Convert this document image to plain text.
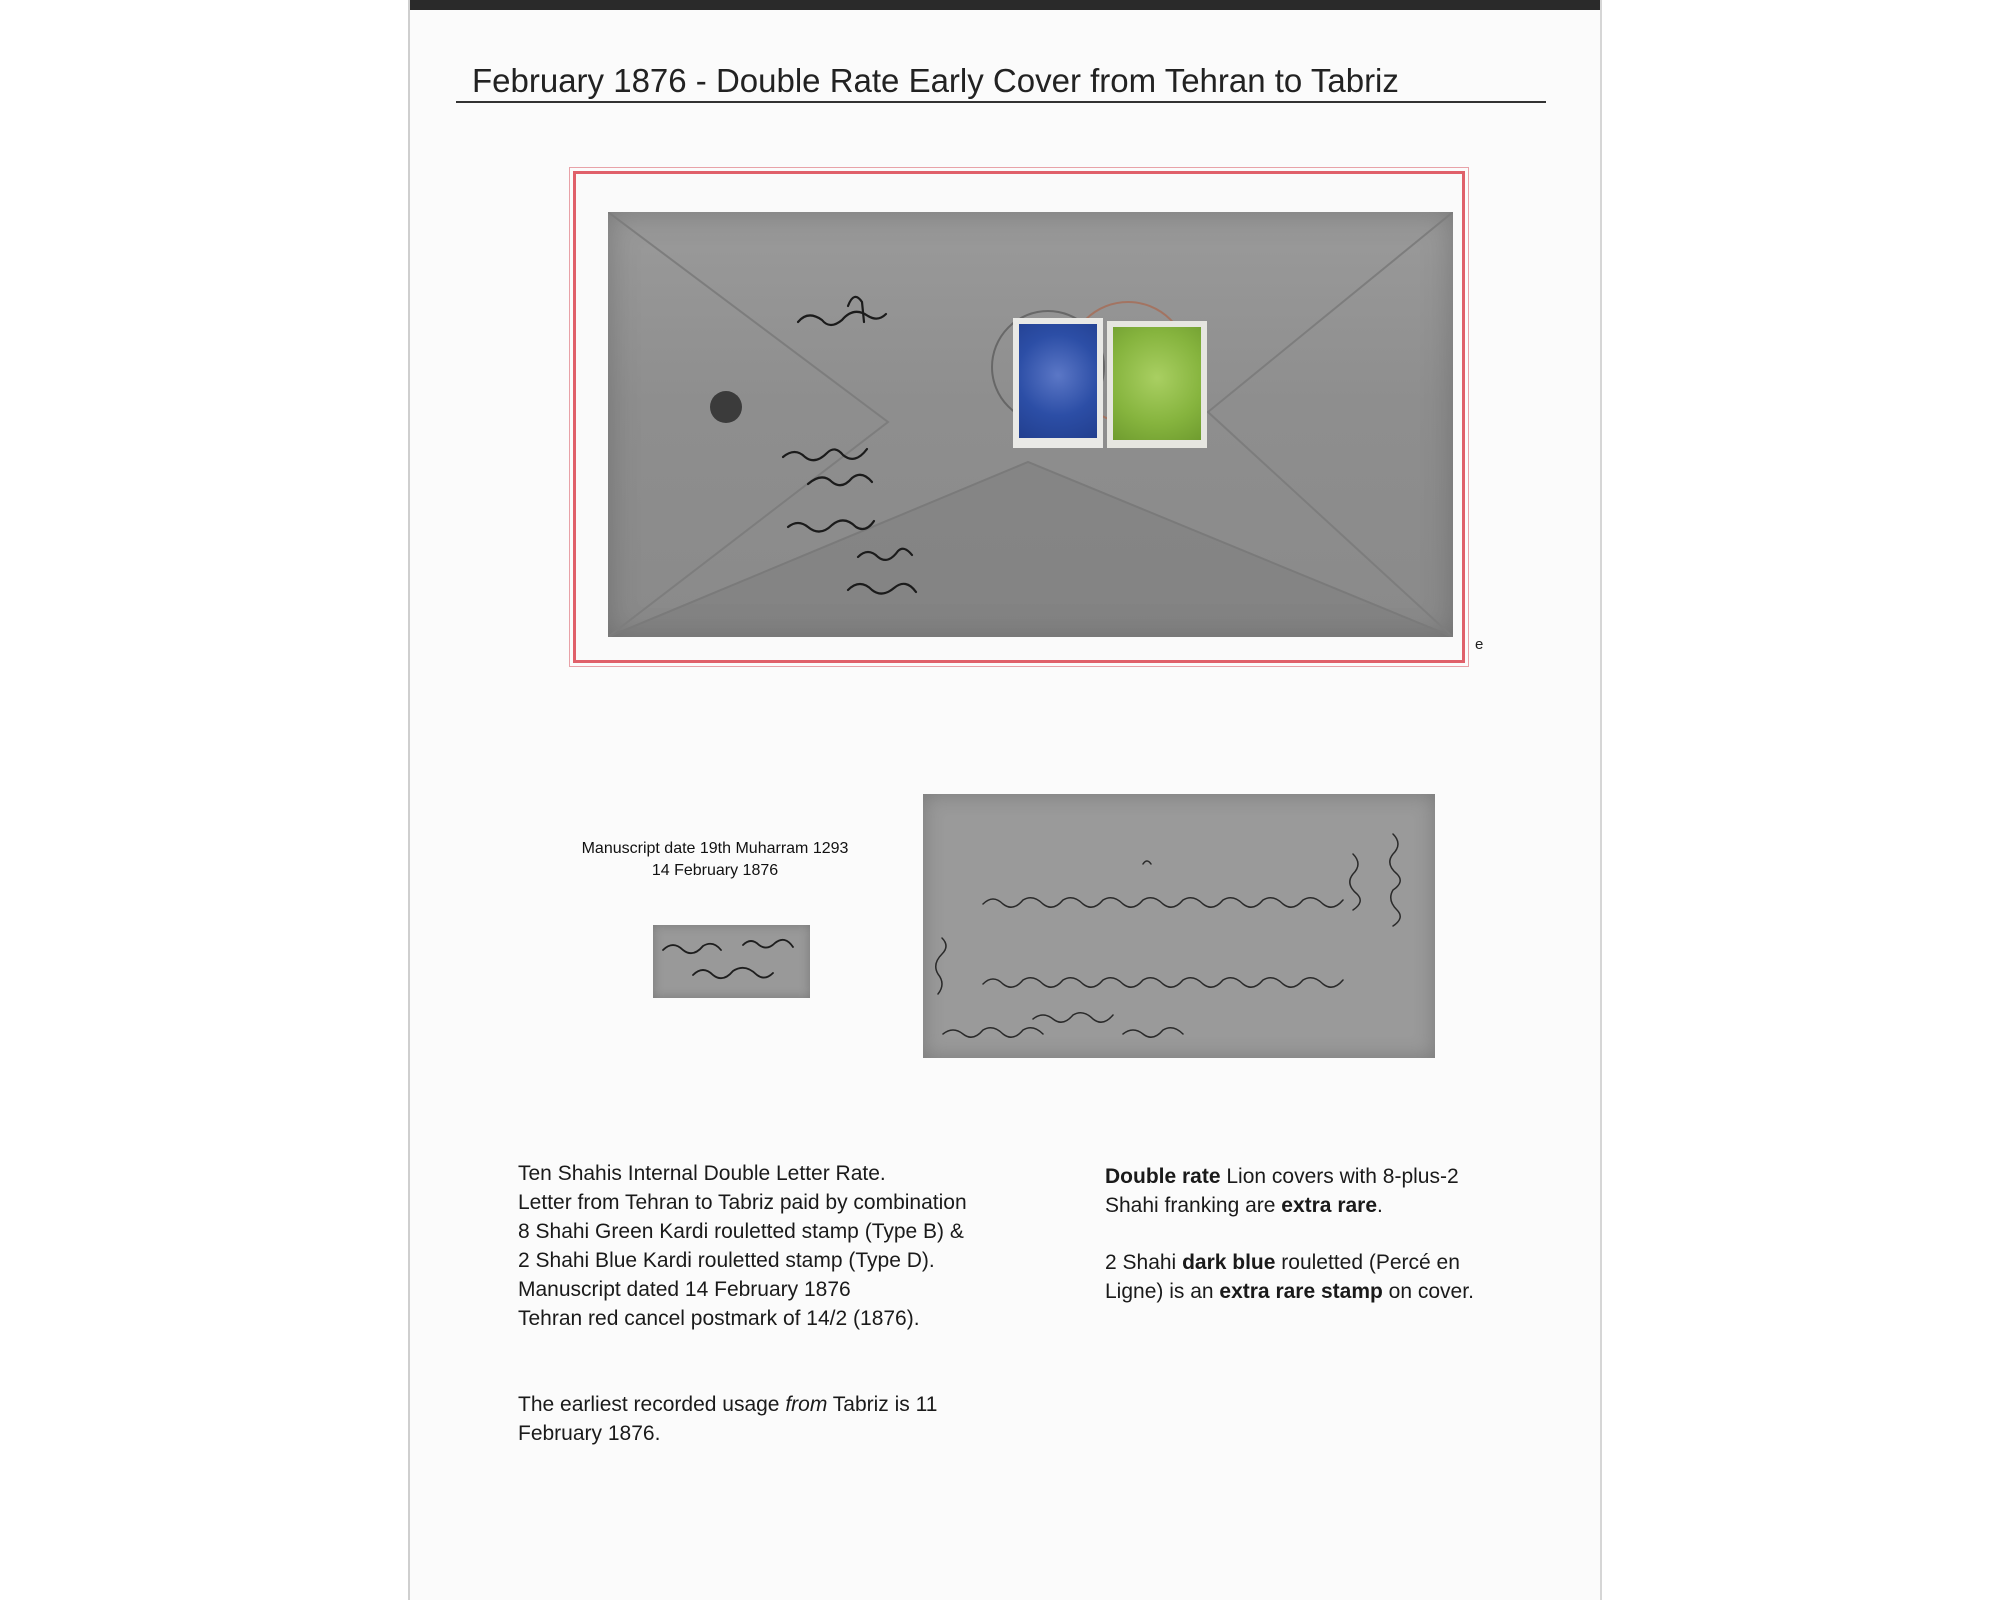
February 1876 - Double Rate Early Cover from Tehran to Tabriz
e
Manuscript date 19th Muharram 1293
14 February 1876

Ten Shahis Internal Double Letter Rate.

Letter from Tehran to Tabriz paid by combination

8 Shahi Green Kardi rouletted stamp (Type B) &

2 Shahi Blue Kardi rouletted stamp (Type D).

Manuscript dated 14 February 1876

Tehran red cancel postmark of 14/2 (1876).

The earliest recorded usage from Tabriz is 11

February 1876.

Double rate Lion covers with 8-plus-2

Shahi franking are extra rare.

2 Shahi dark blue rouletted (Percé en

Ligne) is an extra rare stamp on cover.
